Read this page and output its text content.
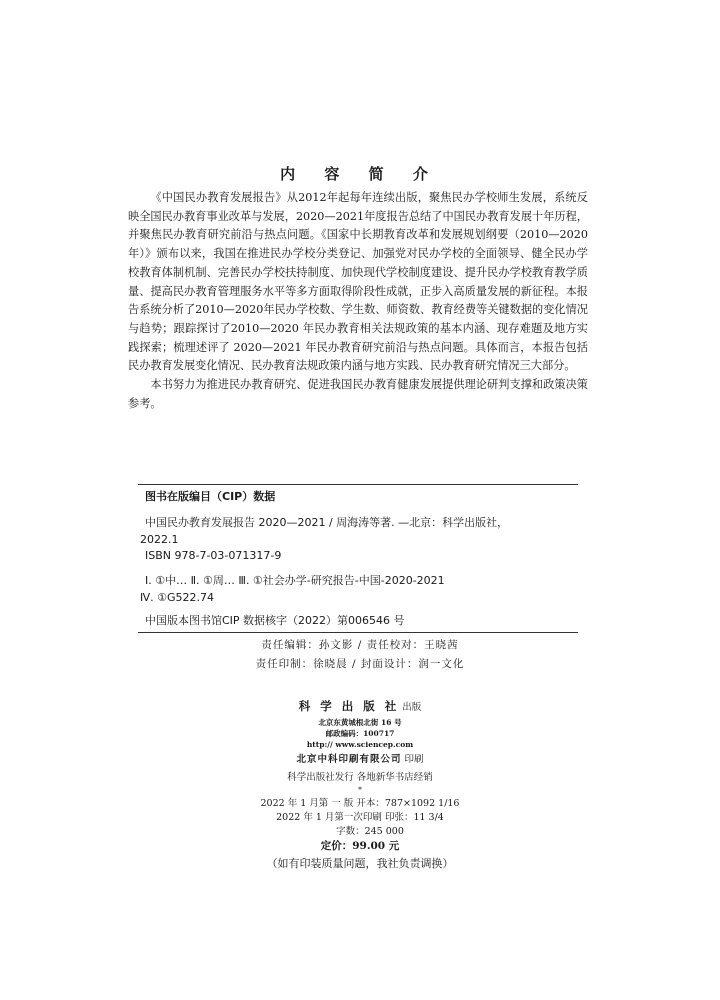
内 容 简 介

《中国民办教育发展报告》从2012年起每年连续出版，聚焦民办学校师生发展，系统反映全国民办教育事业改革与发展，2020—2021年度报告总结了中国民办教育发展十年历程，并聚焦民办教育研究前沿与热点问题。《国家中长期教育改革和发展规划纲要（2010—2020年）》颁布以来，我国在推进民办学校分类登记、加强党对民办学校的全面领导、健全民办学校教育体制机制、完善民办学校扶持制度、加快现代学校制度建设、提升民办学校教育教学质量、提高民办教育管理服务水平等多方面取得阶段性成就，正步入高质量发展的新征程。本报告系统分析了2010—2020年民办学校数、学生数、师资数、教育经费等关键数据的变化情况与趋势；跟踪探讨了2010—2020 年民办教育相关法规政策的基本内涵、现存难题及地方实践探索；梳理述评了 2020—2021 年民办教育研究前沿与热点问题。具体而言，本报告包括民办教育发展变化情况、民办教育法规政策内涵与地方实践、民办教育研究情况三大部分。

本书努力为推进民办教育研究、促进我国民办教育健康发展提供理论研判支撑和政策决策参考。

图书在版编目（CIP）数据
中国民办教育发展报告 2020—2021 / 周海涛等著. —北京：科学出版社，
2022.1
ISBN 978-7-03-071317-9
Ⅰ. ①中… Ⅱ. ①周… Ⅲ. ①社会办学-研究报告-中国-2020-2021
Ⅳ. ①G522.74
中国版本图书馆CIP 数据核字（2022）第006546 号
责任编辑：孙文影 / 责任校对：王晓茜
责任印制：徐晓晨 / 封面设计：润一文化
科 学 出 版 社 出版
北京东黄城根北街 16 号
邮政编码：100717
http:// www.sciencep.com
北京中科印刷有限公司 印刷
科学出版社发行 各地新华书店经销
*
2022 年 1 月第 一 版 开本：787×1092 1/16
2022 年 1 月第一次印刷 印张：11 3/4
字数：245 000
定价：99.00 元
（如有印装质量问题，我社负责调换）
